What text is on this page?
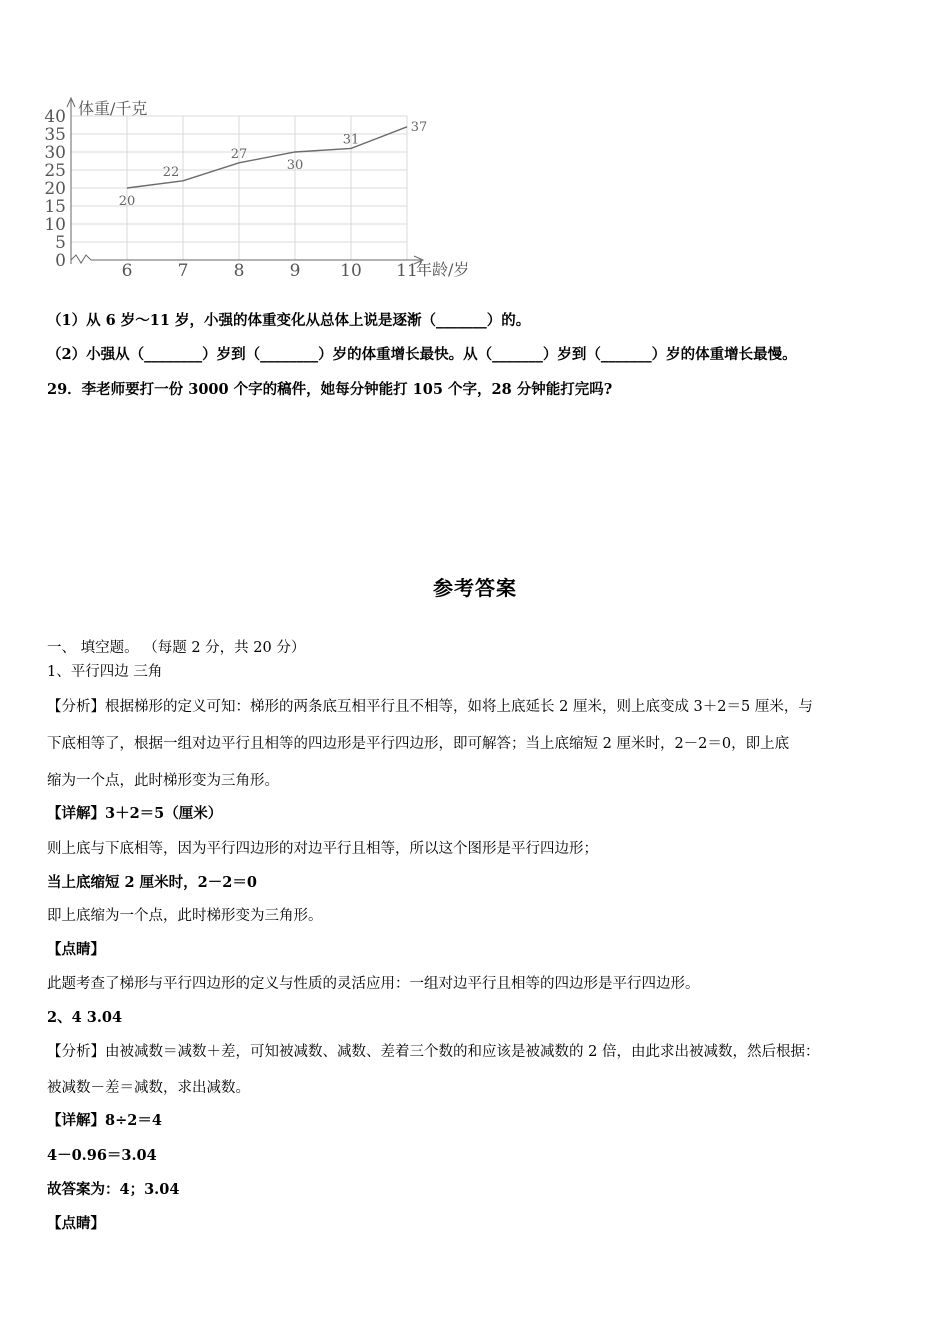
0
5
10
15
20
25
30
35
40
6	7	8	9 10 11
20
22
27
30
31
37
体重/千克
年龄/岁
（1）从 6 岁～11 岁，小强的体重变化从总体上说是逐渐（_______）的。
（2）小强从（________）岁到（________）岁的体重增长最快。从（_______）岁到（_______）岁的体重增长最慢。
29．李老师要打一份 3000 个字的稿件，她每分钟能打 105 个字，28 分钟能打完吗?
参考答案
一、 填空题。 （每题 2 分，共 20 分）
1、平行四边 三角
【分析】根据梯形的定义可知：梯形的两条底互相平行且不相等，如将上底延长 2 厘米，则上底变成 3＋2＝5 厘米，与
下底相等了，根据一组对边平行且相等的四边形是平行四边形，即可解答；当上底缩短 2 厘米时，2－2＝0，即上底
缩为一个点，此时梯形变为三角形。
【详解】3＋2＝5（厘米）
则上底与下底相等，因为平行四边形的对边平行且相等，所以这个图形是平行四边形；
当上底缩短 2 厘米时，2－2＝0
即上底缩为一个点，此时梯形变为三角形。
【点睛】
此题考查了梯形与平行四边形的定义与性质的灵活应用：一组对边平行且相等的四边形是平行四边形。
2、4 3.04
【分析】由被减数＝减数＋差，可知被减数、减数、差着三个数的和应该是被减数的 2 倍，由此求出被减数，然后根据：
被减数－差＝减数，求出减数。
【详解】8÷2＝4
4－0.96＝3.04
故答案为：4；3.04
【点睛】
